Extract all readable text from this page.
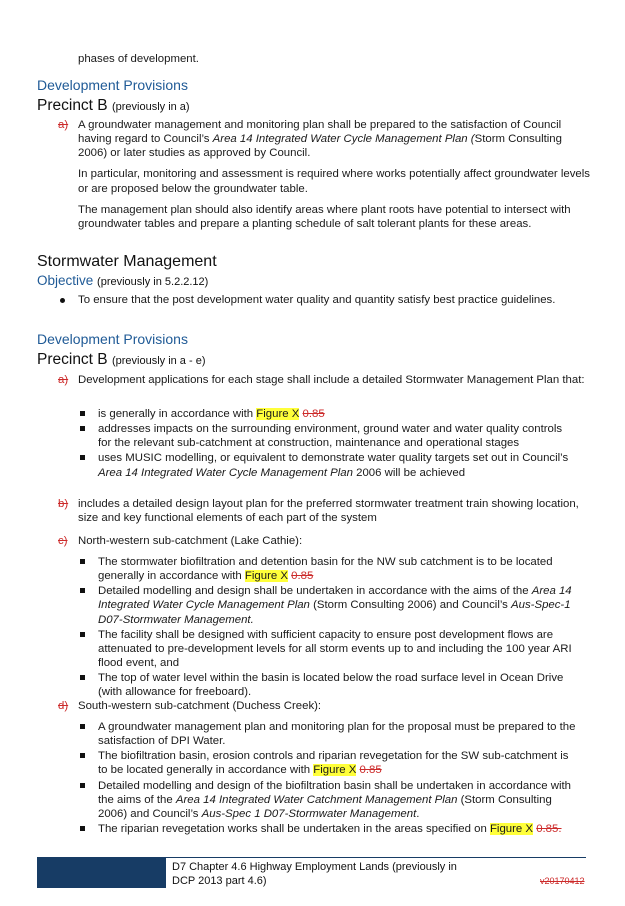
phases of development.
Development Provisions
Precinct B (previously in a)
a) A groundwater management and monitoring plan shall be prepared to the satisfaction of Council having regard to Council’s Area 14 Integrated Water Cycle Management Plan (Storm Consulting 2006) or later studies as approved by Council.

In particular, monitoring and assessment is required where works potentially affect groundwater levels or are proposed below the groundwater table.

The management plan should also identify areas where plant roots have potential to intersect with groundwater tables and prepare a planting schedule of salt tolerant plants for these areas.

Stormwater Management
Objective (previously in 5.2.2.12)
To ensure that the post development water quality and quantity satisfy best practice guidelines.
Development Provisions
Precinct B (previously in a - e)
a) Development applications for each stage shall include a detailed Stormwater Management Plan that:
is generally in accordance with Figure X 0.85
addresses impacts on the surrounding environment, ground water and water quality controls for the relevant sub-catchment at construction, maintenance and operational stages
uses MUSIC modelling, or equivalent to demonstrate water quality targets set out in Council’s Area 14 Integrated Water Cycle Management Plan 2006 will be achieved
b) includes a detailed design layout plan for the preferred stormwater treatment train showing location, size and key functional elements of each part of the system
c) North-western sub-catchment (Lake Cathie):
The stormwater biofiltration and detention basin for the NW sub catchment is to be located generally in accordance with Figure X 0.85
Detailed modelling and design shall be undertaken in accordance with the aims of the Area 14 Integrated Water Cycle Management Plan (Storm Consulting 2006) and Council’s Aus-Spec-1 D07-Stormwater Management.
The facility shall be designed with sufficient capacity to ensure post development flows are attenuated to pre-development levels for all storm events up to and including the 100 year ARI flood event, and
The top of water level within the basin is located below the road surface level in Ocean Drive (with allowance for freeboard).
d) South-western sub-catchment (Duchess Creek):
A groundwater management plan and monitoring plan for the proposal must be prepared to the satisfaction of DPI Water.
The biofiltration basin, erosion controls and riparian revegetation for the SW sub-catchment is to be located generally in accordance with Figure X 0.85
Detailed modelling and design of the biofiltration basin shall be undertaken in accordance with the aims of the Area 14 Integrated Water Catchment Management Plan (Storm Consulting 2006) and Council’s Aus-Spec 1 D07-Stormwater Management.
The riparian revegetation works shall be undertaken in the areas specified on Figure X 0.85.
D7 Chapter 4.6 Highway Employment Lands (previously in DCP 2013 part 4.6)	v20170412
